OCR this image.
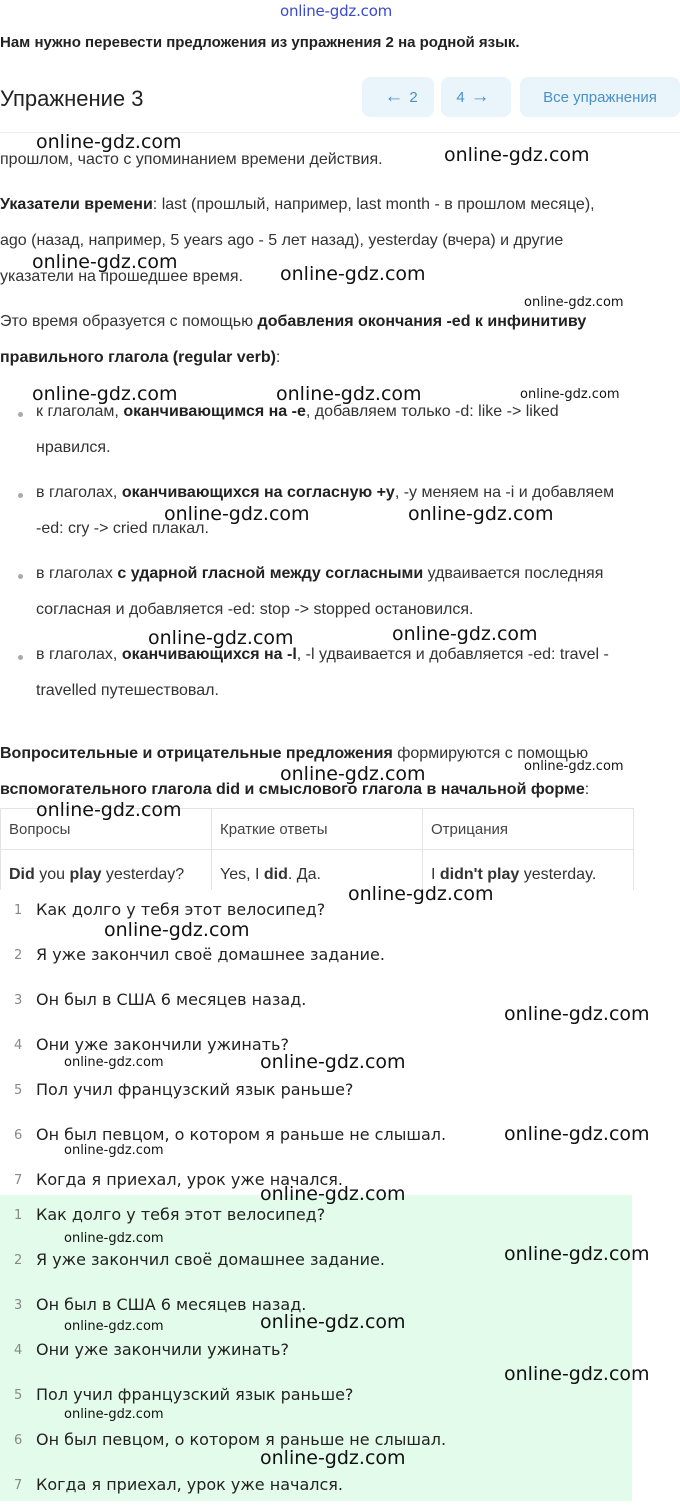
online-gdz.com
Нам нужно перевести предложения из упражнения 2 на родной язык.
прошлом, часто с упоминанием времени действия.
Указатели времени: last (прошлый, например, last month - в прошлом месяце),
ago (назад, например, 5 years ago - 5 лет назад), yesterday (вчера) и другие
указатели на прошедшее время.
Это время образуется с помощью добавления окончания -ed к инфинитиву
правильного глагола (regular verb):
к глаголам, оканчивающимся на -e, добавляем только -d: like -> liked
нравился.
в глаголах, оканчивающихся на согласную +y, -y меняем на -i и добавляем
-ed: cry -> cried плакал.
в глаголах с ударной гласной между согласными удваивается последняя
согласная и добавляется -ed: stop -> stopped остановился.
в глаголах, оканчивающихся на -l, -l удваивается и добавляется -ed: travel -
travelled путешествовал.
Вопросительные и отрицательные предложения формируются с помощью
вспомогательного глагола did и смыслового глагола в начальной форме:
Вопросы	Краткие ответы	Отрицания
Did you play yesterday?	Yes, I did. Да.	I didn't play yesterday.
Упражнение 3	← 2	4 →	Все упражнения
1 Как долго у тебя этот велосипед?
2 Я уже закончил своё домашнее задание.
3 Он был в США 6 месяцев назад.
4 Они уже закончили ужинать?
5 Пол учил французский язык раньше?
6 Он был певцом, о котором я раньше не слышал.
7 Когда я приехал, урок уже начался.
1 Как долго у тебя этот велосипед?
2 Я уже закончил своё домашнее задание.
3 Он был в США 6 месяцев назад.
4 Они уже закончили ужинать?
5 Пол учил французский язык раньше?
6 Он был певцом, о котором я раньше не слышал.
7 Когда я приехал, урок уже начался.
online-gdz.com
online-gdz.com
online-gdz.com
online-gdz.com
online-gdz.com
online-gdz.com	online-gdz.com	online-gdz.com
online-gdz.com	online-gdz.com
online-gdz.com	online-gdz.com
online-gdz.com	online-gdz.com
online-gdz.com
online-gdz.com
online-gdz.com
online-gdz.com
online-gdz.com	online-gdz.com
online-gdz.com
online-gdz.com
online-gdz.com
online-gdz.com
online-gdz.com
online-gdz.com
online-gdz.com
online-gdz.com
online-gdz.com
online-gdz.com
